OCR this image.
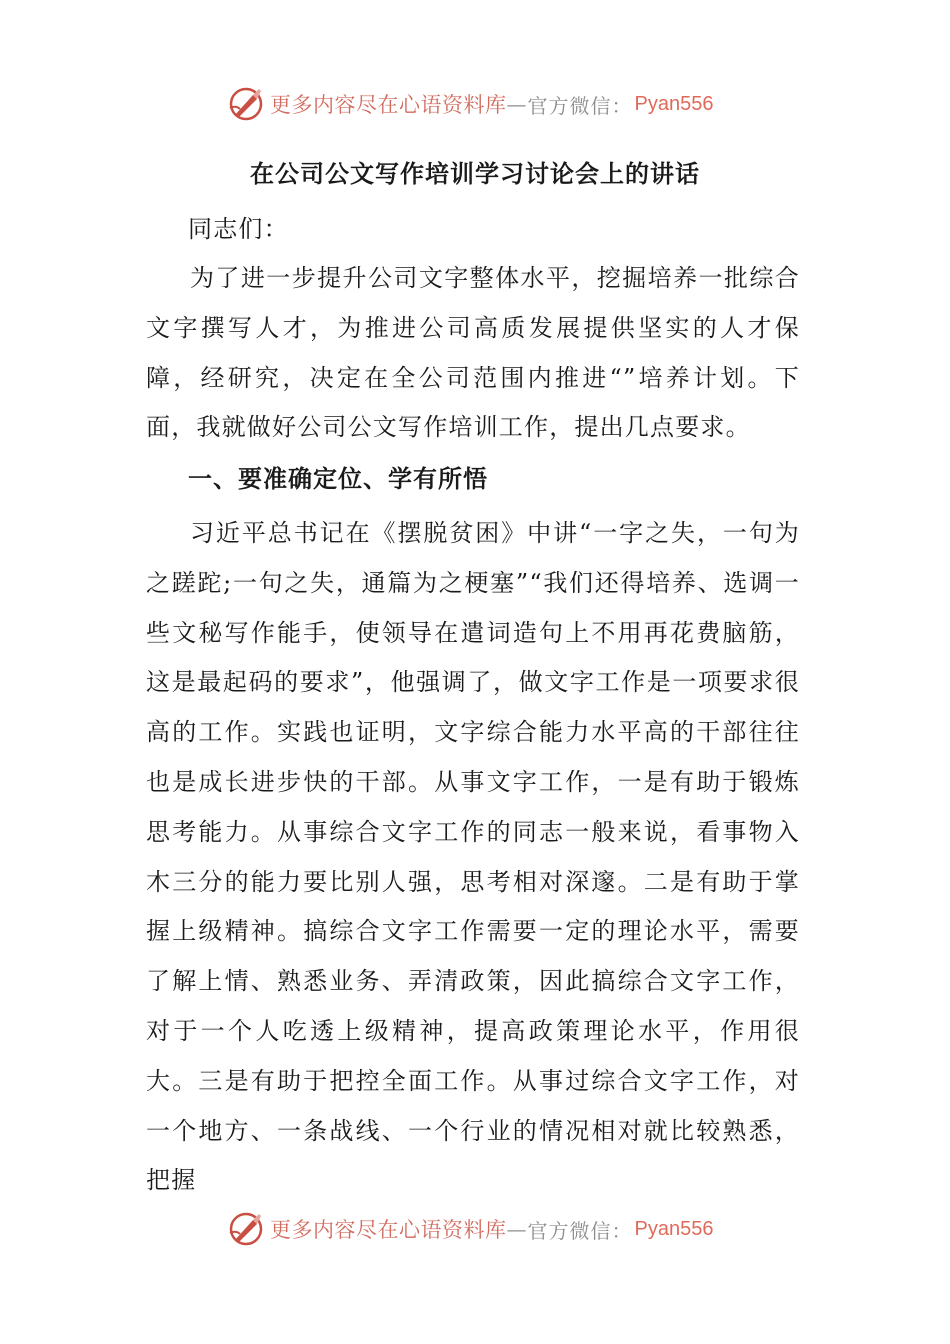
更多内容尽在心语资料库 — 官方微信： Pyan556
在公司公文写作培训学习讨论会上的讲话

同志们：

为了进一步提升公司文字整体水平，挖掘培养一批综合文字撰写人才，为推进公司高质发展提供坚实的人才保障，经研究，决定在全公司范围内推进“”培养计划。下面，我就做好公司公文写作培训工作，提出几点要求。

一、要准确定位、学有所悟

习近平总书记在《摆脱贫困》中讲“一字之失，一句为之蹉跎;一句之失，通篇为之梗塞”“我们还得培养、选调一些文秘写作能手，使领导在遣词造句上不用再花费脑筋，这是最起码的要求”，他强调了，做文字工作是一项要求很高的工作。实践也证明，文字综合能力水平高的干部往往也是成长进步快的干部。从事文字工作，一是有助于锻炼思考能力。从事综合文字工作的同志一般来说，看事物入木三分的能力要比别人强，思考相对深邃。二是有助于掌握上级精神。搞综合文字工作需要一定的理论水平，需要了解上情、熟悉业务、弄清政策，因此搞综合文字工作，对于一个人吃透上级精神，提高政策理论水平，作用很大。三是有助于把控全面工作。从事过综合文字工作，对一个地方、一条战线、一个行业的情况相对就比较熟悉，把握

更多内容尽在心语资料库 — 官方微信： Pyan556
